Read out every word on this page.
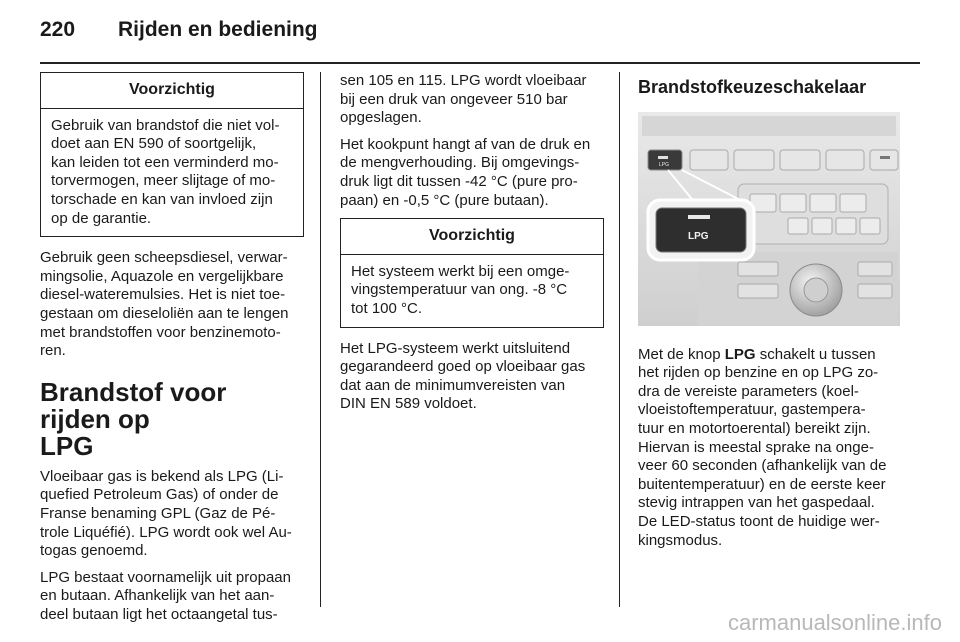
220	Rijden en bediening
Voorzichtig
Gebruik van brandstof die niet vol-
doet aan EN 590 of soortgelijk,
kan leiden tot een verminderd mo-
torvermogen, meer slijtage of mo-
torschade en kan van invloed zijn
op de garantie.

Gebruik geen scheepsdiesel, verwar-
mingsolie, Aquazole en vergelijkbare
diesel-wateremulsies. Het is niet toe-
gestaan om dieseloliën aan te lengen
met brandstoffen voor benzinemoto-
ren.

Brandstof voor rijden op
LPG

Vloeibaar gas is bekend als LPG (Li-
quefied Petroleum Gas) of onder de
Franse benaming GPL (Gaz de Pé-
trole Liquéfié). LPG wordt ook wel Au-
togas genoemd.

LPG bestaat voornamelijk uit propaan
en butaan. Afhankelijk van het aan-
deel butaan ligt het octaangetal tus-

sen 105 en 115. LPG wordt vloeibaar
bij een druk van ongeveer 510 bar
opgeslagen.

Het kookpunt hangt af van de druk en
de mengverhouding. Bij omgevings-
druk ligt dit tussen -42 °C (pure pro-
paan) en -0,5 °C (pure butaan).

Voorzichtig
Het systeem werkt bij een omge-
vingstemperatuur van ong. -8 °C
tot 100 °C.

Het LPG-systeem werkt uitsluitend
gegarandeerd goed op vloeibaar gas
dat aan de minimumvereisten van
DIN EN 589 voldoet.

Brandstofkeuzeschakelaar
LPG
LPG

Met de knop LPG schakelt u tussen
het rijden op benzine en op LPG zo-
dra de vereiste parameters (koel-
vloeistoftemperatuur, gastempera-
tuur en motortoerental) bereikt zijn.
Hiervan is meestal sprake na onge-
veer 60 seconden (afhankelijk van de
buitentemperatuur) en de eerste keer
stevig intrappen van het gaspedaal.
De LED-status toont de huidige wer-
kingsmodus.

carmanualsonline.info
